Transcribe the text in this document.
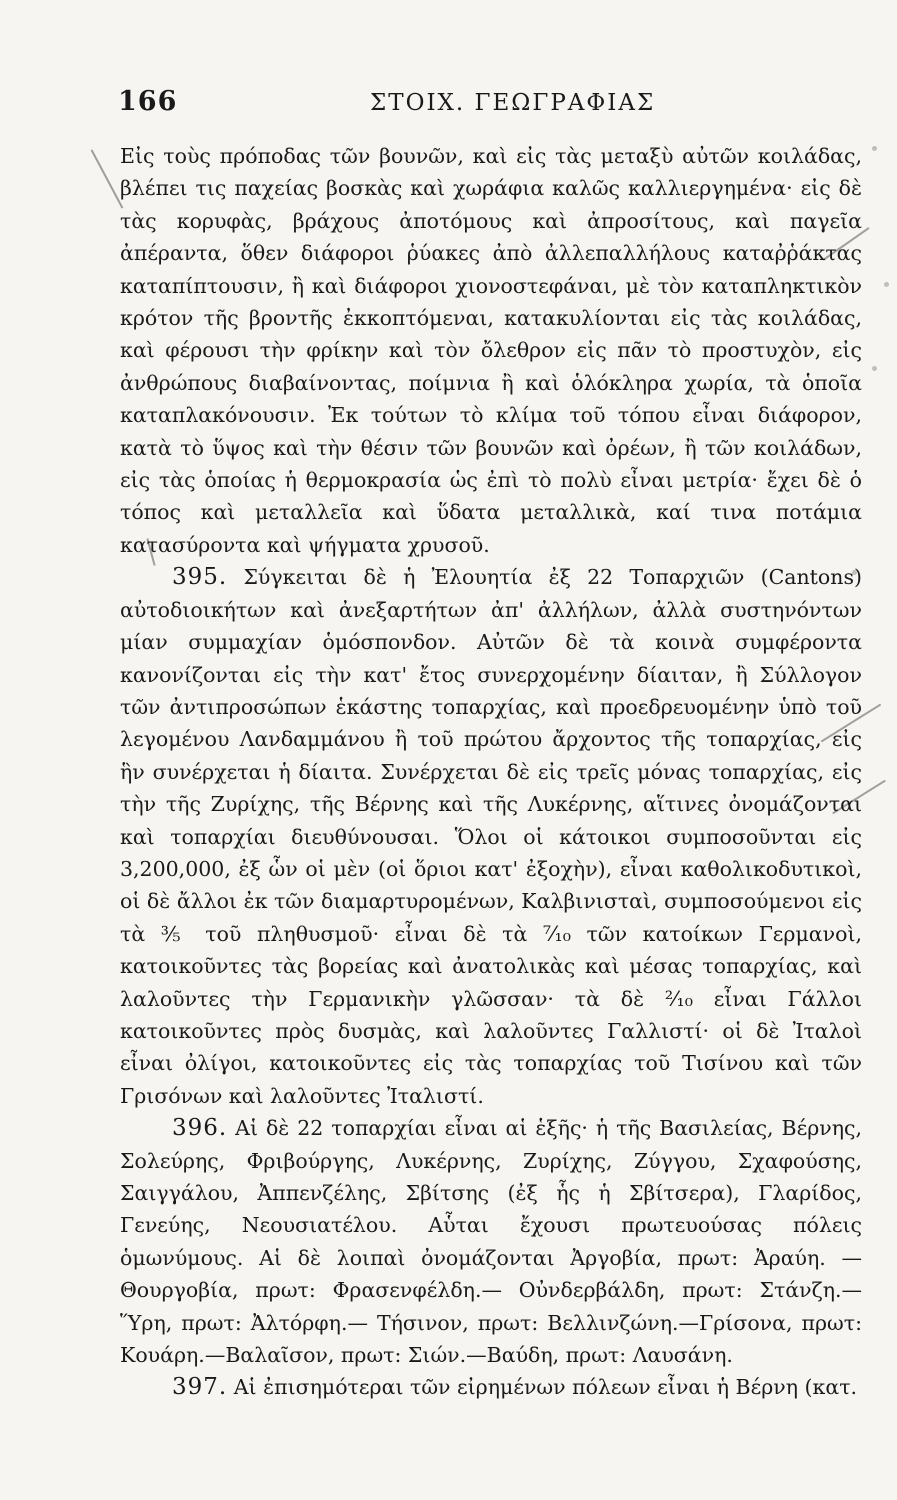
166	ΣΤΟΙΧ. ΓΕΩΓΡΑΦΙΑΣ

Εἰς τοὺς πρόποδας τῶν βουνῶν, καὶ εἰς τὰς μεταξὺ αὐτῶν κοιλάδας, βλέπει τις παχείας βοσκὰς καὶ χωράφια καλῶς καλλιεργημένα· εἰς δὲ τὰς κορυφὰς, βράχους ἀποτόμους καὶ ἀπροσίτους, καὶ παγεῖα ἀπέραντα, ὅθεν διάφοροι ῥύακες ἀπὸ ἀλλεπαλλήλους καταῤῥάκτας καταπίπτουσιν, ἢ καὶ διάφοροι χιονοστεφάναι, μὲ τὸν καταπληκτικὸν κρότον τῆς βροντῆς ἐκκοπτόμεναι, κατακυλίονται εἰς τὰς κοιλάδας, καὶ φέρουσι τὴν φρίκην καὶ τὸν ὄλεθρον εἰς πᾶν τὸ προστυχὸν, εἰς ἀνθρώπους διαβαίνοντας, ποίμνια ἢ καὶ ὁλόκληρα χωρία, τὰ ὁποῖα καταπλακόνουσιν. Ἐκ τούτων τὸ κλίμα τοῦ τόπου εἶναι διάφορον, κατὰ τὸ ὕψος καὶ τὴν θέσιν τῶν βουνῶν καὶ ὀρέων, ἢ τῶν κοιλάδων, εἰς τὰς ὁποίας ἡ θερμοκρασία ὡς ἐπὶ τὸ πολὺ εἶναι μετρία· ἔχει δὲ ὁ τόπος καὶ μεταλλεῖα καὶ ὕδατα μεταλλικὰ, καί τινα ποτάμια κατασύροντα καὶ ψήγματα χρυσοῦ.

395. Σύγκειται δὲ ἡ Ἐλουητία ἐξ 22 Τοπαρχιῶν (Cantons) αὐτοδιοικήτων καὶ ἀνεξαρτήτων ἀπ' ἀλλήλων, ἀλλὰ συστηνόντων μίαν συμμαχίαν ὁμόσπονδον. Αὐτῶν δὲ τὰ κοινὰ συμφέροντα κανονίζονται εἰς τὴν κατ' ἔτος συνερχομένην δίαιταν, ἢ Σύλλογον τῶν ἀντιπροσώπων ἑκάστης τοπαρχίας, καὶ προεδρευομένην ὑπὸ τοῦ λεγομένου Λανδαμμάνου ἢ τοῦ πρώτου ἄρχοντος τῆς τοπαρχίας, εἰς ἣν συνέρχεται ἡ δίαιτα. Συνέρχεται δὲ εἰς τρεῖς μόνας τοπαρχίας, εἰς τὴν τῆς Ζυρίχης, τῆς Βέρνης καὶ τῆς Λυκέρνης, αἵτινες ὀνομάζονται καὶ τοπαρχίαι διευθύνουσαι. Ὅλοι οἱ κάτοικοι συμποσοῦνται εἰς 3,200,000, ἐξ ὧν οἱ μὲν (οἱ ὅριοι κατ' ἐξοχὴν), εἶναι καθολικοδυτικοὶ, οἱ δὲ ἄλλοι ἐκ τῶν διαμαρτυρομένων, Καλβινισταὶ, συμποσούμενοι εἰς τὰ ⅗ τοῦ πληθυσμοῦ· εἶναι δὲ τὰ ⁷⁄₁₀ τῶν κατοίκων Γερμανοὶ, κατοικοῦντες τὰς βορείας καὶ ἀνατολικὰς καὶ μέσας τοπαρχίας, καὶ λαλοῦντες τὴν Γερμανικὴν γλῶσσαν· τὰ δὲ ²⁄₁₀ εἶναι Γάλλοι κατοικοῦντες πρὸς δυσμὰς, καὶ λαλοῦντες Γαλλιστί· οἱ δὲ Ἰταλοὶ εἶναι ὀλίγοι, κατοικοῦντες εἰς τὰς τοπαρχίας τοῦ Τισίνου καὶ τῶν Γρισόνων καὶ λαλοῦντες Ἰταλιστί.

396. Αἱ δὲ 22 τοπαρχίαι εἶναι αἱ ἑξῆς· ἡ τῆς Βασιλείας, Βέρνης, Σολεύρης, Φριβούργης, Λυκέρνης, Ζυρίχης, Ζύγγου, Σχαφούσης, Σαιγγάλου, Ἀππενζέλης, Σβίτσης (ἐξ ἧς ἡ Σβίτσερα), Γλαρίδος, Γενεύης, Νεουσιατέλου. Αὗται ἔχουσι πρωτευούσας πόλεις ὁμωνύμους. Αἱ δὲ λοιπαὶ ὀνομάζονται Ἀργοβία, πρωτ: Ἀραύη. — Θουργοβία, πρωτ: Φρασενφέλδη.— Οὐνδερβάλδη, πρωτ: Στάνζη.—Ὕρη, πρωτ: Ἀλτόρφη.— Τήσινον, πρωτ: Βελλινζώνη.—Γρίσονα, πρωτ: Κουάρη.—Βαλαῖσον, πρωτ: Σιών.—Βαύδη, πρωτ: Λαυσάνη.

397. Αἱ ἐπισημότεραι τῶν εἰρημένων πόλεων εἶναι ἡ Βέρνη (κατ.
